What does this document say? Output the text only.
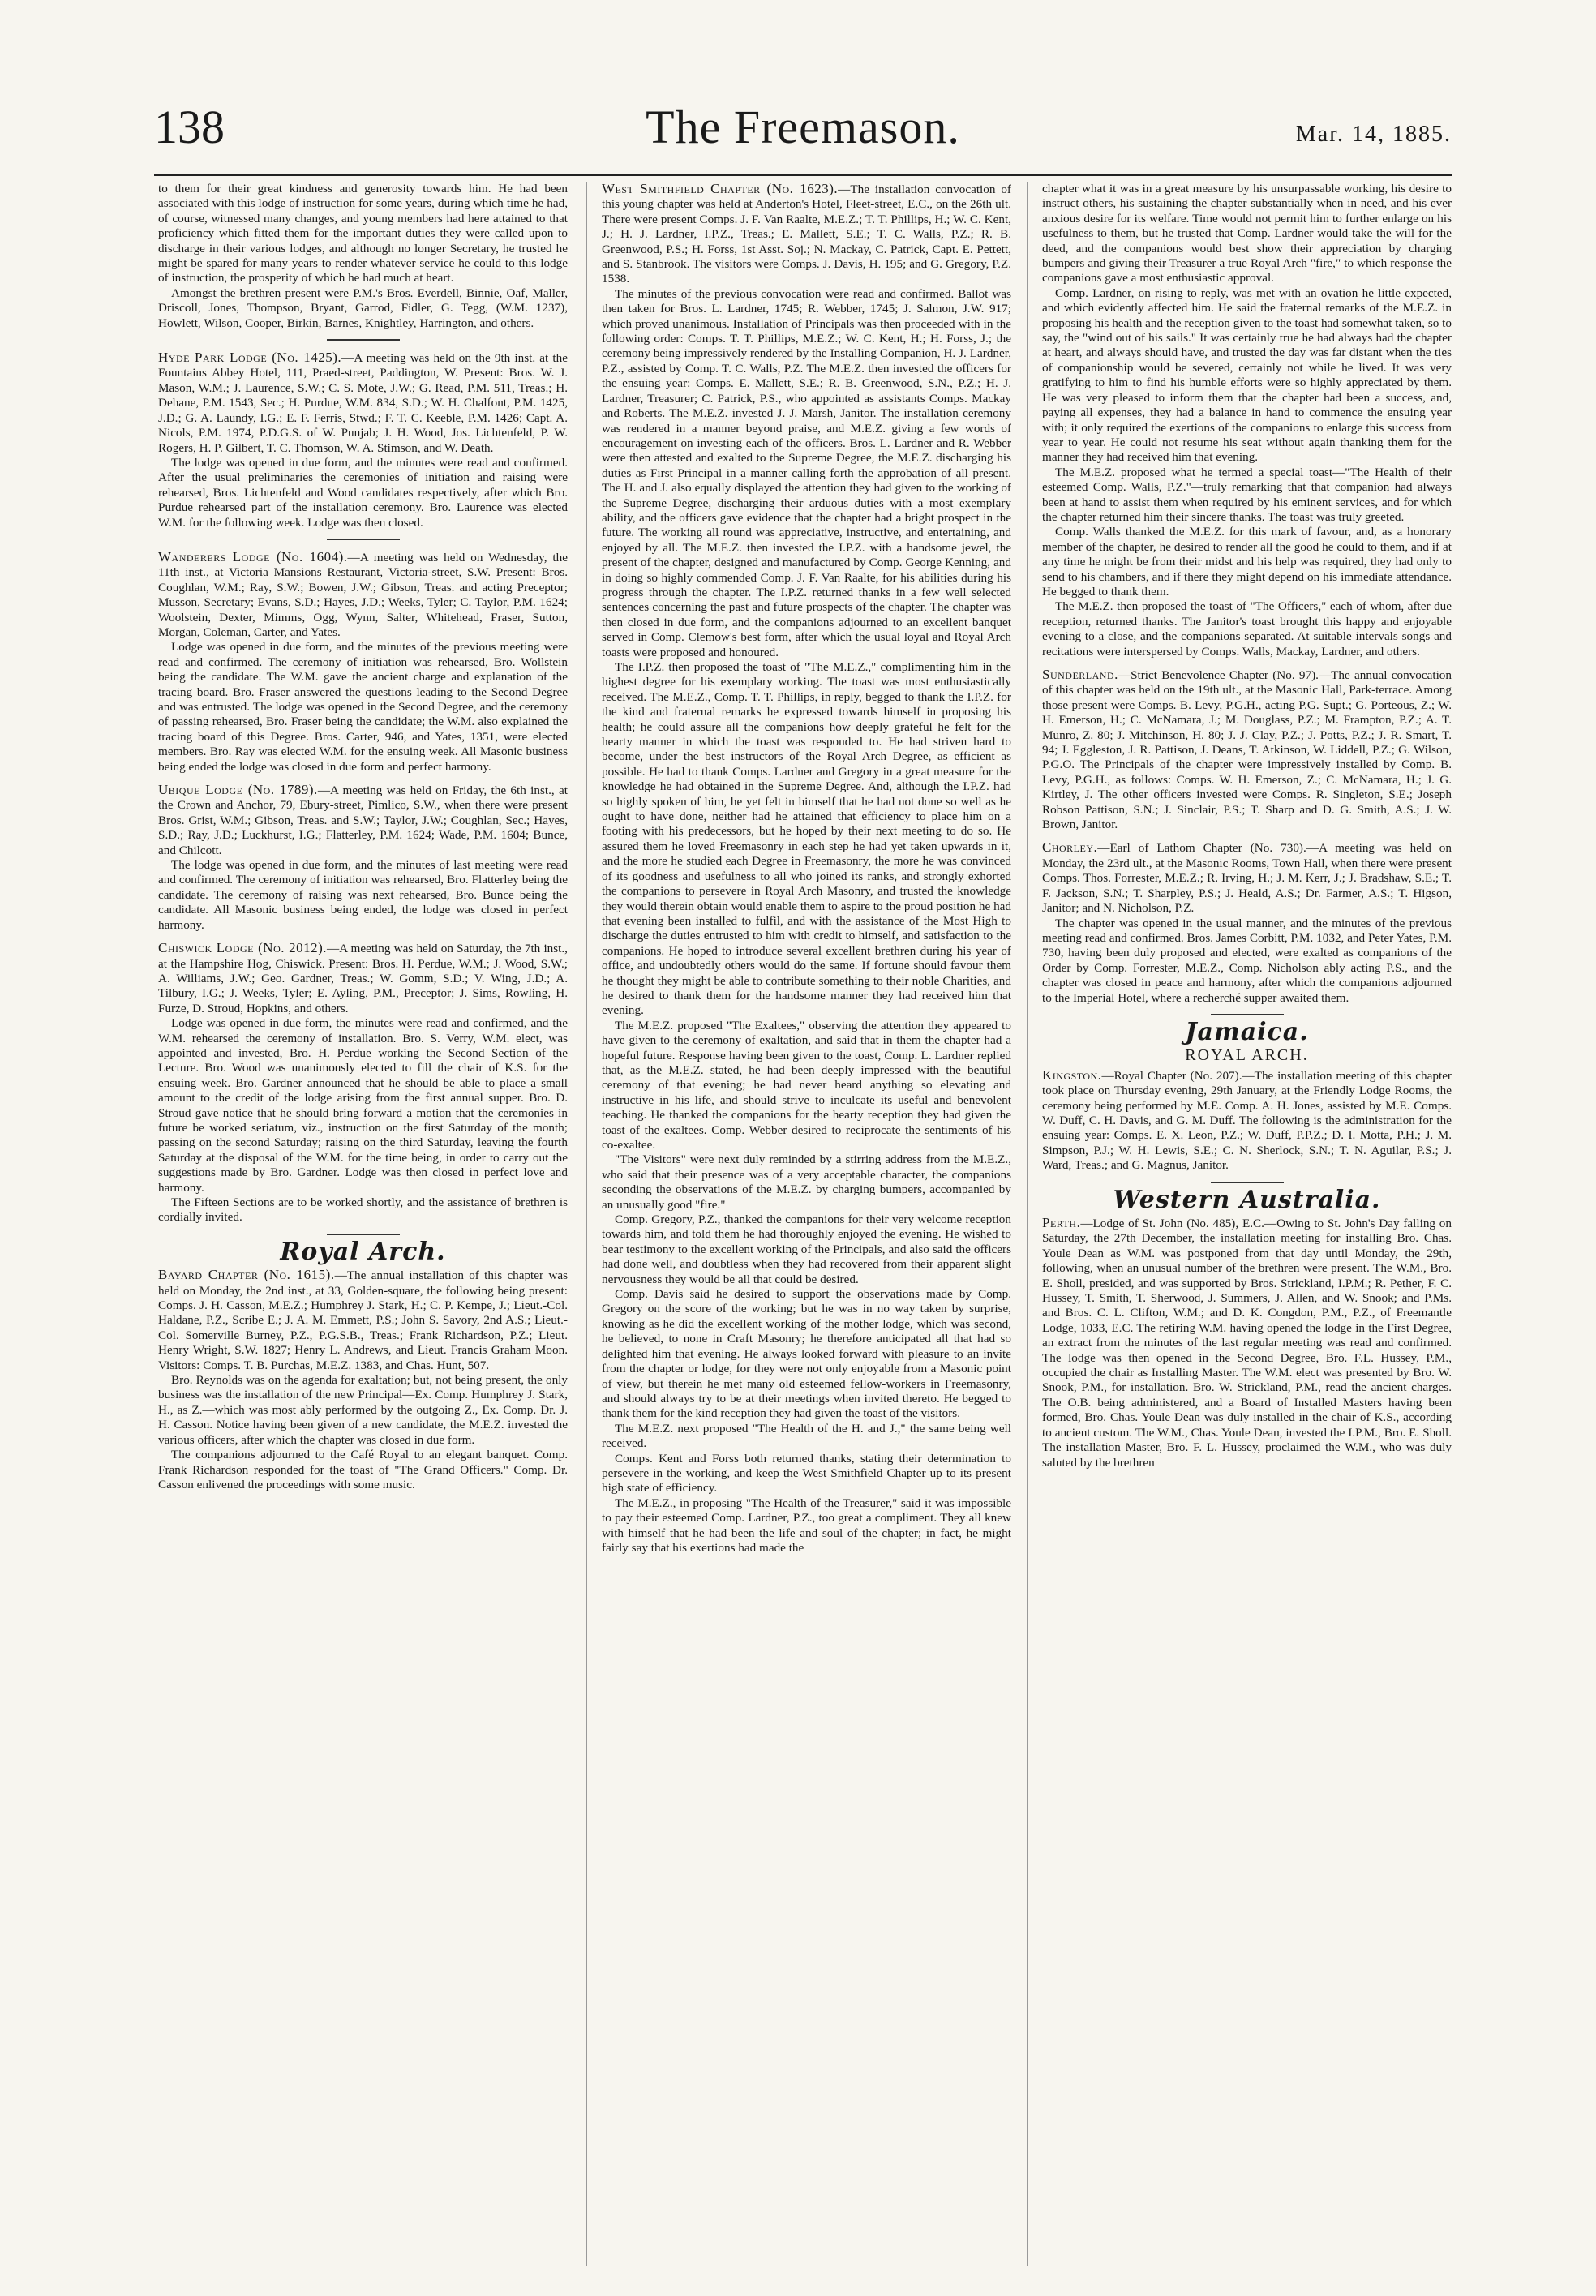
138	The Freemason.	Mar. 14, 1885.

to them for their great kindness and generosity towards him. He had been associated with this lodge of instruction for some years, during which time he had, of course, witnessed many changes, and young members had here attained to that proficiency which fitted them for the important duties they were called upon to discharge in their various lodges, and although no longer Secretary, he trusted he might be spared for many years to render whatever service he could to this lodge of instruction, the prosperity of which he had much at heart.

Amongst the brethren present were P.M.'s Bros. Everdell, Binnie, Oaf, Maller, Driscoll, Jones, Thompson, Bryant, Garrod, Fidler, G. Tegg, (W.M. 1237), Howlett, Wilson, Cooper, Birkin, Barnes, Knightley, Harrington, and others.

Hyde Park Lodge (No. 1425).—A meeting was held on the 9th inst. at the Fountains Abbey Hotel, 111, Praed-street, Paddington, W. Present: Bros. W. J. Mason, W.M.; J. Laurence, S.W.; C. S. Mote, J.W.; G. Read, P.M. 511, Treas.; H. Dehane, P.M. 1543, Sec.; H. Purdue, W.M. 834, S.D.; W. H. Chalfont, P.M. 1425, J.D.; G. A. Laundy, I.G.; E. F. Ferris, Stwd.; F. T. C. Keeble, P.M. 1426; Capt. A. Nicols, P.M. 1974, P.D.G.S. of W. Punjab; J. H. Wood, Jos. Lichtenfeld, P. W. Rogers, H. P. Gilbert, T. C. Thomson, W. A. Stimson, and W. Death.

The lodge was opened in due form, and the minutes were read and confirmed. After the usual preliminaries the ceremonies of initiation and raising were rehearsed, Bros. Lichtenfeld and Wood candidates respectively, after which Bro. Purdue rehearsed part of the installation ceremony. Bro. Laurence was elected W.M. for the following week. Lodge was then closed.

Wanderers Lodge (No. 1604).—A meeting was held on Wednesday, the 11th inst., at Victoria Mansions Restaurant, Victoria-street, S.W. Present: Bros. Coughlan, W.M.; Ray, S.W.; Bowen, J.W.; Gibson, Treas. and acting Preceptor; Musson, Secretary; Evans, S.D.; Hayes, J.D.; Weeks, Tyler; C. Taylor, P.M. 1624; Woolstein, Dexter, Mimms, Ogg, Wynn, Salter, Whitehead, Fraser, Sutton, Morgan, Coleman, Carter, and Yates.

Lodge was opened in due form, and the minutes of the previous meeting were read and confirmed. The ceremony of initiation was rehearsed, Bro. Wollstein being the candidate. The W.M. gave the ancient charge and explanation of the tracing board. Bro. Fraser answered the questions leading to the Second Degree and was entrusted. The lodge was opened in the Second Degree, and the ceremony of passing rehearsed, Bro. Fraser being the candidate; the W.M. also explained the tracing board of this Degree. Bros. Carter, 946, and Yates, 1351, were elected members. Bro. Ray was elected W.M. for the ensuing week. All Masonic business being ended the lodge was closed in due form and perfect harmony.

Ubique Lodge (No. 1789).—A meeting was held on Friday, the 6th inst., at the Crown and Anchor, 79, Ebury-street, Pimlico, S.W., when there were present Bros. Grist, W.M.; Gibson, Treas. and S.W.; Taylor, J.W.; Coughlan, Sec.; Hayes, S.D.; Ray, J.D.; Luckhurst, I.G.; Flatterley, P.M. 1624; Wade, P.M. 1604; Bunce, and Chilcott.

The lodge was opened in due form, and the minutes of last meeting were read and confirmed. The ceremony of initiation was rehearsed, Bro. Flatterley being the candidate. The ceremony of raising was next rehearsed, Bro. Bunce being the candidate. All Masonic business being ended, the lodge was closed in perfect harmony.

Chiswick Lodge (No. 2012).—A meeting was held on Saturday, the 7th inst., at the Hampshire Hog, Chiswick. Present: Bros. H. Perdue, W.M.; J. Wood, S.W.; A. Williams, J.W.; Geo. Gardner, Treas.; W. Gomm, S.D.; V. Wing, J.D.; A. Tilbury, I.G.; J. Weeks, Tyler; E. Ayling, P.M., Preceptor; J. Sims, Rowling, H. Furze, D. Stroud, Hopkins, and others.

Lodge was opened in due form, the minutes were read and confirmed, and the W.M. rehearsed the ceremony of installation. Bro. S. Verry, W.M. elect, was appointed and invested, Bro. H. Perdue working the Second Section of the Lecture. Bro. Wood was unanimously elected to fill the chair of K.S. for the ensuing week. Bro. Gardner announced that he should be able to place a small amount to the credit of the lodge arising from the first annual supper. Bro. D. Stroud gave notice that he should bring forward a motion that the ceremonies in future be worked seriatum, viz., instruction on the first Saturday of the month; passing on the second Saturday; raising on the third Saturday, leaving the fourth Saturday at the disposal of the W.M. for the time being, in order to carry out the suggestions made by Bro. Gardner. Lodge was then closed in perfect love and harmony.

The Fifteen Sections are to be worked shortly, and the assistance of brethren is cordially invited.

Royal Arch.

Bayard Chapter (No. 1615).—The annual installation of this chapter was held on Monday, the 2nd inst., at 33, Golden-square, the following being present: Comps. J. H. Casson, M.E.Z.; Humphrey J. Stark, H.; C. P. Kempe, J.; Lieut.-Col. Haldane, P.Z., Scribe E.; J. A. M. Emmett, P.S.; John S. Savory, 2nd A.S.; Lieut.-Col. Somerville Burney, P.Z., P.G.S.B., Treas.; Frank Richardson, P.Z.; Lieut. Henry Wright, S.W. 1827; Henry L. Andrews, and Lieut. Francis Graham Moon. Visitors: Comps. T. B. Purchas, M.E.Z. 1383, and Chas. Hunt, 507.

Bro. Reynolds was on the agenda for exaltation; but, not being present, the only business was the installation of the new Principal—Ex. Comp. Humphrey J. Stark, H., as Z.—which was most ably performed by the outgoing Z., Ex. Comp. Dr. J. H. Casson. Notice having been given of a new candidate, the M.E.Z. invested the various officers, after which the chapter was closed in due form.

The companions adjourned to the Café Royal to an elegant banquet. Comp. Frank Richardson responded for the toast of "The Grand Officers." Comp. Dr. Casson enlivened the proceedings with some music.

West Smithfield Chapter (No. 1623).—The installation convocation of this young chapter was held at Anderton's Hotel, Fleet-street, E.C., on the 26th ult. There were present Comps. J. F. Van Raalte, M.E.Z.; T. T. Phillips, H.; W. C. Kent, J.; H. J. Lardner, I.P.Z., Treas.; E. Mallett, S.E.; T. C. Walls, P.Z.; R. B. Greenwood, P.S.; H. Forss, 1st Asst. Soj.; N. Mackay, C. Patrick, Capt. E. Pettett, and S. Stanbrook. The visitors were Comps. J. Davis, H. 195; and G. Gregory, P.Z. 1538.

The minutes of the previous convocation were read and confirmed. Ballot was then taken for Bros. L. Lardner, 1745; R. Webber, 1745; J. Salmon, J.W. 917; which proved unanimous. Installation of Principals was then proceeded with in the following order: Comps. T. T. Phillips, M.E.Z.; W. C. Kent, H.; H. Forss, J.; the ceremony being impressively rendered by the Installing Companion, H. J. Lardner, P.Z., assisted by Comp. T. C. Walls, P.Z. The M.E.Z. then invested the officers for the ensuing year: Comps. E. Mallett, S.E.; R. B. Greenwood, S.N., P.Z.; H. J. Lardner, Treasurer; C. Patrick, P.S., who appointed as assistants Comps. Mackay and Roberts. The M.E.Z. invested J. J. Marsh, Janitor. The installation ceremony was rendered in a manner beyond praise, and M.E.Z. giving a few words of encouragement on investing each of the officers. Bros. L. Lardner and R. Webber were then attested and exalted to the Supreme Degree, the M.E.Z. discharging his duties as First Principal in a manner calling forth the approbation of all present. The H. and J. also equally displayed the attention they had given to the working of the Supreme Degree, discharging their arduous duties with a most exemplary ability, and the officers gave evidence that the chapter had a bright prospect in the future. The working all round was appreciative, instructive, and entertaining, and enjoyed by all. The M.E.Z. then invested the I.P.Z. with a handsome jewel, the present of the chapter, designed and manufactured by Comp. George Kenning, and in doing so highly commended Comp. J. F. Van Raalte, for his abilities during his progress through the chapter. The I.P.Z. returned thanks in a few well selected sentences concerning the past and future prospects of the chapter. The chapter was then closed in due form, and the companions adjourned to an excellent banquet served in Comp. Clemow's best form, after which the usual loyal and Royal Arch toasts were proposed and honoured.

The I.P.Z. then proposed the toast of "The M.E.Z.," complimenting him in the highest degree for his exemplary working. The toast was most enthusiastically received. The M.E.Z., Comp. T. T. Phillips, in reply, begged to thank the I.P.Z. for the kind and fraternal remarks he expressed towards himself in proposing his health; he could assure all the companions how deeply grateful he felt for the hearty manner in which the toast was responded to. He had striven hard to become, under the best instructors of the Royal Arch Degree, as efficient as possible. He had to thank Comps. Lardner and Gregory in a great measure for the knowledge he had obtained in the Supreme Degree. And, although the I.P.Z. had so highly spoken of him, he yet felt in himself that he had not done so well as he ought to have done, neither had he attained that efficiency to place him on a footing with his predecessors, but he hoped by their next meeting to do so. He assured them he loved Freemasonry in each step he had yet taken upwards in it, and the more he studied each Degree in Freemasonry, the more he was convinced of its goodness and usefulness to all who joined its ranks, and strongly exhorted the companions to persevere in Royal Arch Masonry, and trusted the knowledge they would therein obtain would enable them to aspire to the proud position he had that evening been installed to fulfil, and with the assistance of the Most High to discharge the duties entrusted to him with credit to himself, and satisfaction to the companions. He hoped to introduce several excellent brethren during his year of office, and undoubtedly others would do the same. If fortune should favour them he thought they might be able to contribute something to their noble Charities, and he desired to thank them for the handsome manner they had received him that evening.

The M.E.Z. proposed "The Exaltees," observing the attention they appeared to have given to the ceremony of exaltation, and said that in them the chapter had a hopeful future. Response having been given to the toast, Comp. L. Lardner replied that, as the M.E.Z. stated, he had been deeply impressed with the beautiful ceremony of that evening; he had never heard anything so elevating and instructive in his life, and should strive to inculcate its useful and benevolent teaching. He thanked the companions for the hearty reception they had given the toast of the exaltees. Comp. Webber desired to reciprocate the sentiments of his co-exaltee.

"The Visitors" were next duly reminded by a stirring address from the M.E.Z., who said that their presence was of a very acceptable character, the companions seconding the observations of the M.E.Z. by charging bumpers, accompanied by an unusually good "fire."

Comp. Gregory, P.Z., thanked the companions for their very welcome reception towards him, and told them he had thoroughly enjoyed the evening. He wished to bear testimony to the excellent working of the Principals, and also said the officers had done well, and doubtless when they had recovered from their apparent slight nervousness they would be all that could be desired.

Comp. Davis said he desired to support the observations made by Comp. Gregory on the score of the working; but he was in no way taken by surprise, knowing as he did the excellent working of the mother lodge, which was second, he believed, to none in Craft Masonry; he therefore anticipated all that had so delighted him that evening. He always looked forward with pleasure to an invite from the chapter or lodge, for they were not only enjoyable from a Masonic point of view, but therein he met many old esteemed fellow-workers in Freemasonry, and should always try to be at their meetings when invited thereto. He begged to thank them for the kind reception they had given the toast of the visitors.

The M.E.Z. next proposed "The Health of the H. and J.," the same being well received.

Comps. Kent and Forss both returned thanks, stating their determination to persevere in the working, and keep the West Smithfield Chapter up to its present high state of efficiency.

The M.E.Z., in proposing "The Health of the Treasurer," said it was impossible to pay their esteemed Comp. Lardner, P.Z., too great a compliment. They all knew with himself that he had been the life and soul of the chapter; in fact, he might fairly say that his exertions had made the

chapter what it was in a great measure by his unsurpassable working, his desire to instruct others, his sustaining the chapter substantially when in need, and his ever anxious desire for its welfare. Time would not permit him to further enlarge on his usefulness to them, but he trusted that Comp. Lardner would take the will for the deed, and the companions would best show their appreciation by charging bumpers and giving their Treasurer a true Royal Arch "fire," to which response the companions gave a most enthusiastic approval.

Comp. Lardner, on rising to reply, was met with an ovation he little expected, and which evidently affected him. He said the fraternal remarks of the M.E.Z. in proposing his health and the reception given to the toast had somewhat taken, so to say, the "wind out of his sails." It was certainly true he had always had the chapter at heart, and always should have, and trusted the day was far distant when the ties of companionship would be severed, certainly not while he lived. It was very gratifying to him to find his humble efforts were so highly appreciated by them. He was very pleased to inform them that the chapter had been a success, and, paying all expenses, they had a balance in hand to commence the ensuing year with; it only required the exertions of the companions to enlarge this success from year to year. He could not resume his seat without again thanking them for the manner they had received him that evening.

The M.E.Z. proposed what he termed a special toast—"The Health of their esteemed Comp. Walls, P.Z."—truly remarking that that companion had always been at hand to assist them when required by his eminent services, and for which the chapter returned him their sincere thanks. The toast was truly greeted.

Comp. Walls thanked the M.E.Z. for this mark of favour, and, as a honorary member of the chapter, he desired to render all the good he could to them, and if at any time he might be from their midst and his help was required, they had only to send to his chambers, and if there they might depend on his immediate attendance. He begged to thank them.

The M.E.Z. then proposed the toast of "The Officers," each of whom, after due reception, returned thanks. The Janitor's toast brought this happy and enjoyable evening to a close, and the companions separated. At suitable intervals songs and recitations were interspersed by Comps. Walls, Mackay, Lardner, and others.

Sunderland.—Strict Benevolence Chapter (No. 97).—The annual convocation of this chapter was held on the 19th ult., at the Masonic Hall, Park-terrace. Among those present were Comps. B. Levy, P.G.H., acting P.G. Supt.; G. Porteous, Z.; W. H. Emerson, H.; C. McNamara, J.; M. Douglass, P.Z.; M. Frampton, P.Z.; A. T. Munro, Z. 80; J. Mitchinson, H. 80; J. J. Clay, P.Z.; J. Potts, P.Z.; J. R. Smart, T. 94; J. Eggleston, J. R. Pattison, J. Deans, T. Atkinson, W. Liddell, P.Z.; G. Wilson, P.G.O. The Principals of the chapter were impressively installed by Comp. B. Levy, P.G.H., as follows: Comps. W. H. Emerson, Z.; C. McNamara, H.; J. G. Kirtley, J. The other officers invested were Comps. R. Singleton, S.E.; Joseph Robson Pattison, S.N.; J. Sinclair, P.S.; T. Sharp and D. G. Smith, A.S.; J. W. Brown, Janitor.

Chorley.—Earl of Lathom Chapter (No. 730).—A meeting was held on Monday, the 23rd ult., at the Masonic Rooms, Town Hall, when there were present Comps. Thos. Forrester, M.E.Z.; R. Irving, H.; J. M. Kerr, J.; J. Bradshaw, S.E.; T. F. Jackson, S.N.; T. Sharpley, P.S.; J. Heald, A.S.; Dr. Farmer, A.S.; T. Higson, Janitor; and N. Nicholson, P.Z.

The chapter was opened in the usual manner, and the minutes of the previous meeting read and confirmed. Bros. James Corbitt, P.M. 1032, and Peter Yates, P.M. 730, having been duly proposed and elected, were exalted as companions of the Order by Comp. Forrester, M.E.Z., Comp. Nicholson ably acting P.S., and the chapter was closed in peace and harmony, after which the companions adjourned to the Imperial Hotel, where a recherché supper awaited them.

Jamaica.
ROYAL ARCH.

Kingston.—Royal Chapter (No. 207).—The installation meeting of this chapter took place on Thursday evening, 29th January, at the Friendly Lodge Rooms, the ceremony being performed by M.E. Comp. A. H. Jones, assisted by M.E. Comps. W. Duff, C. H. Davis, and G. M. Duff. The following is the administration for the ensuing year: Comps. E. X. Leon, P.Z.; W. Duff, P.P.Z.; D. I. Motta, P.H.; J. M. Simpson, P.J.; W. H. Lewis, S.E.; C. N. Sherlock, S.N.; T. N. Aguilar, P.S.; J. Ward, Treas.; and G. Magnus, Janitor.

Western Australia.

Perth.—Lodge of St. John (No. 485), E.C.—Owing to St. John's Day falling on Saturday, the 27th December, the installation meeting for installing Bro. Chas. Youle Dean as W.M. was postponed from that day until Monday, the 29th, following, when an unusual number of the brethren were present. The W.M., Bro. E. Sholl, presided, and was supported by Bros. Strickland, I.P.M.; R. Pether, F. C. Hussey, T. Smith, T. Sherwood, J. Summers, J. Allen, and W. Snook; and P.Ms. and Bros. C. L. Clifton, W.M.; and D. K. Congdon, P.M., P.Z., of Freemantle Lodge, 1033, E.C. The retiring W.M. having opened the lodge in the First Degree, an extract from the minutes of the last regular meeting was read and confirmed. The lodge was then opened in the Second Degree, Bro. F.L. Hussey, P.M., occupied the chair as Installing Master. The W.M. elect was presented by Bro. W. Snook, P.M., for installation. Bro. W. Strickland, P.M., read the ancient charges. The O.B. being administered, and a Board of Installed Masters having been formed, Bro. Chas. Youle Dean was duly installed in the chair of K.S., according to ancient custom. The W.M., Chas. Youle Dean, invested the I.P.M., Bro. E. Sholl. The installation Master, Bro. F. L. Hussey, proclaimed the W.M., who was duly saluted by the brethren
